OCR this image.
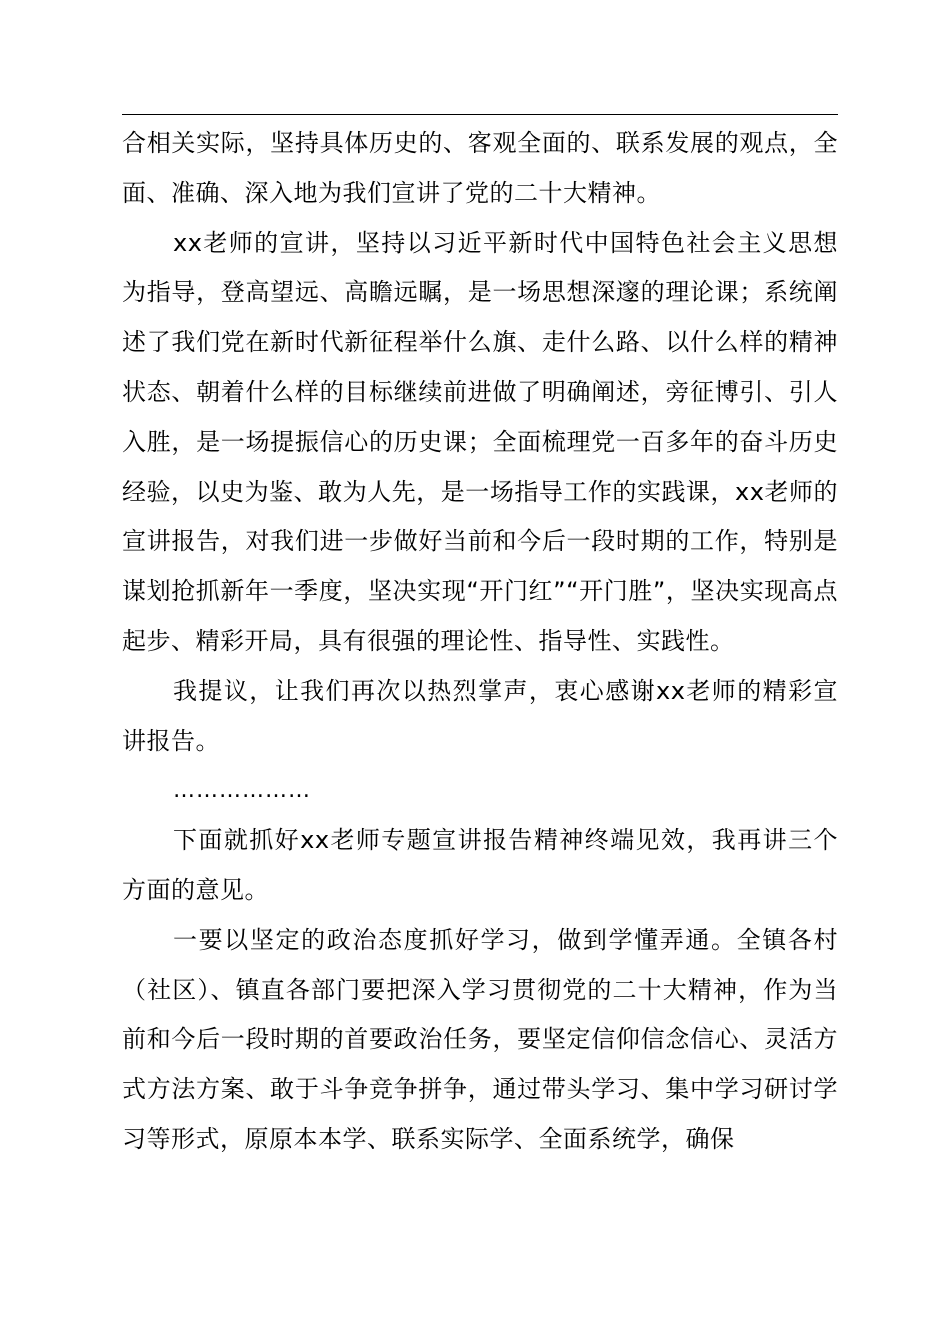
合相关实际，坚持具体历史的、客观全面的、联系发展的观点，全面、准确、深入地为我们宣讲了党的二十大精神。

xx老师的宣讲，坚持以习近平新时代中国特色社会主义思想为指导，登高望远、高瞻远瞩，是一场思想深邃的理论课；系统阐述了我们党在新时代新征程举什么旗、走什么路、以什么样的精神状态、朝着什么样的目标继续前进做了明确阐述，旁征博引、引人入胜，是一场提振信心的历史课；全面梳理党一百多年的奋斗历史经验，以史为鉴、敢为人先，是一场指导工作的实践课，xx老师的宣讲报告，对我们进一步做好当前和今后一段时期的工作，特别是谋划抢抓新年一季度，坚决实现“开门红”“开门胜”，坚决实现高点起步、精彩开局，具有很强的理论性、指导性、实践性。

我提议，让我们再次以热烈掌声，衷心感谢xx老师的精彩宣讲报告。

………………

下面就抓好xx老师专题宣讲报告精神终端见效，我再讲三个方面的意见。

一要以坚定的政治态度抓好学习，做到学懂弄通。全镇各村（社区）、镇直各部门要把深入学习贯彻党的二十大精神，作为当前和今后一段时期的首要政治任务，要坚定信仰信念信心、灵活方式方法方案、敢于斗争竞争拼争，通过带头学习、集中学习研讨学习等形式，原原本本学、联系实际学、全面系统学，确保
